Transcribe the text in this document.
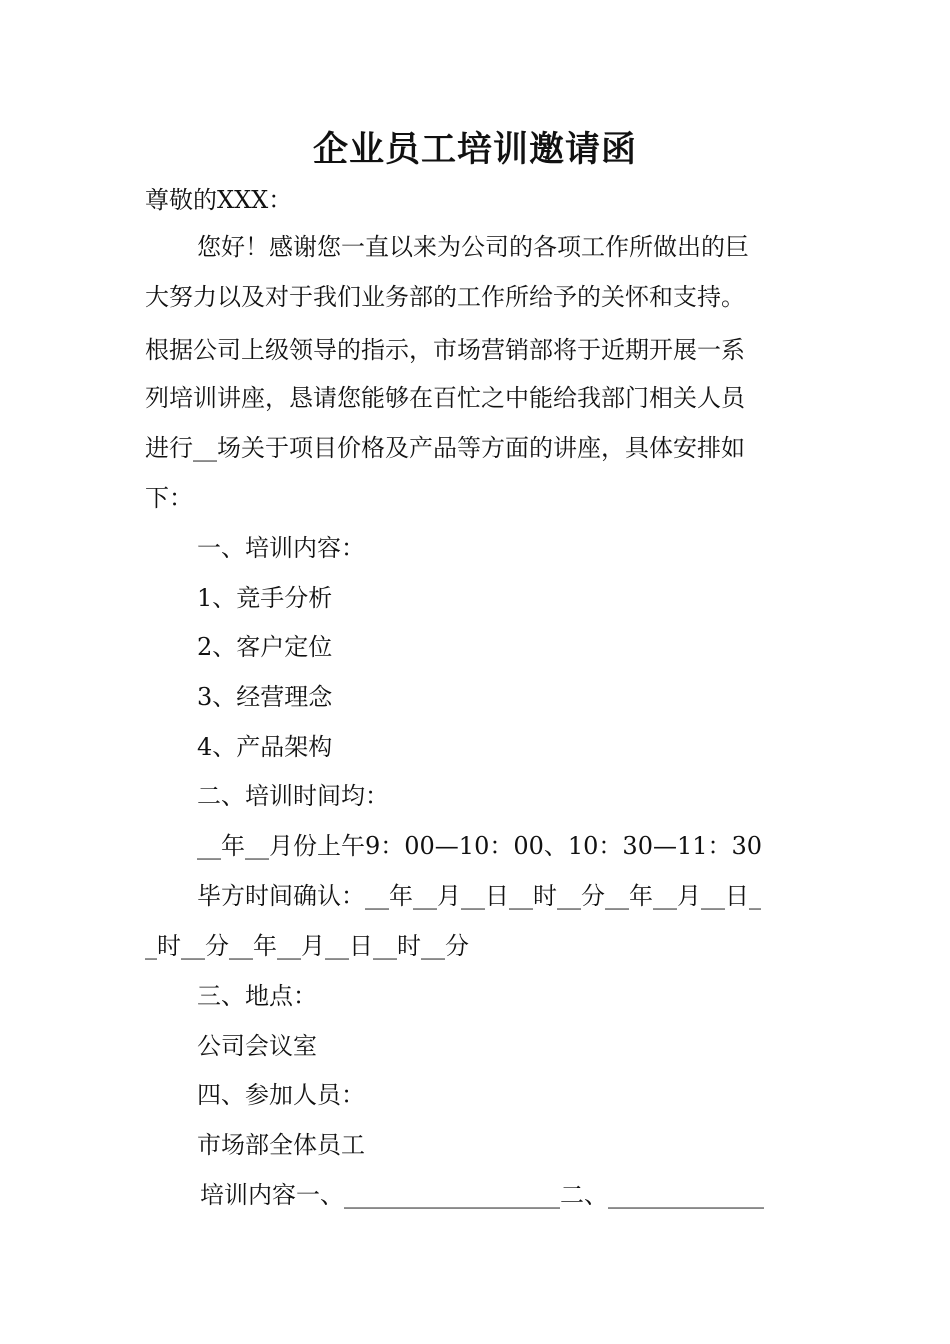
企业员工培训邀请函
尊敬的XXX：
您好！感谢您一直以来为公司的各项工作所做出的巨
大努力以及对于我们业务部的工作所给予的关怀和支持。
根据公司上级领导的指示，市场营销部将于近期开展一系
列培训讲座，恳请您能够在百忙之中能给我部门相关人员
进行__场关于项目价格及产品等方面的讲座，具体安排如
下：
一、培训内容：
1、竞手分析
2、客户定位
3、经营理念
4、产品架构
二、培训时间均：
__年__月份上午9：00—10：00、10：30—11：30
毕方时间确认：__年__月__日__时__分__年__月__日_
_时__分__年__月__日__时__分
三、地点：
公司会议室
四、参加人员：
市场部全体员工
培训内容一、__________________二、_____________
